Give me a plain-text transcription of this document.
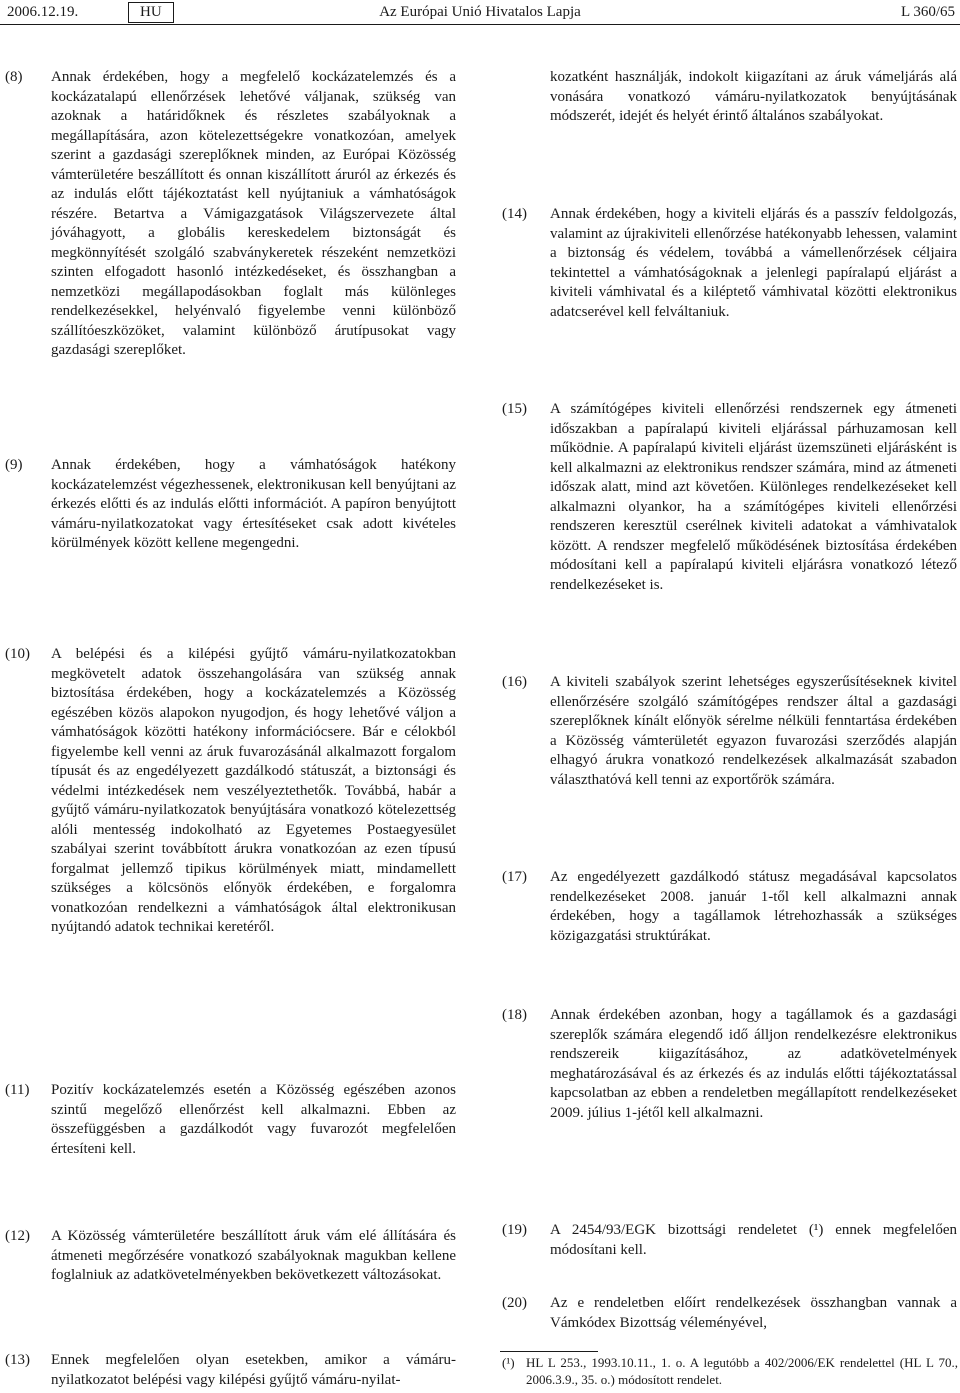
2006.12.19.	HU	Az Európai Unió Hivatalos Lapja	L 360/65
(8) Annak érdekében, hogy a megfelelő kockázatelemzés és a kockázatalapú ellenőrzések lehetővé váljanak, szükség van azoknak a határidőknek és részletes szabályoknak a megállapítására, azon kötelezettségekre vonatkozóan, amelyek szerint a gazdasági szereplőknek minden, az Európai Közösség vámterületére beszállított és onnan kiszállított áruról az érkezés és az indulás előtt tájékoztatást kell nyújtaniuk a vámhatóságok részére. Betartva a Vámigazgatások Világszervezete által jóváhagyott, a globális kereskedelem biztonságát és megkönnyítését szolgáló szabványkeretek részeként nemzetközi szinten elfogadott hasonló intézkedéseket, és összhangban a nemzetközi megállapodásokban foglalt más különleges rendelkezésekkel, helyénvaló figyelembe venni különböző szállítóeszközöket, valamint különböző árutípusokat vagy gazdasági szereplőket.
(9) Annak érdekében, hogy a vámhatóságok hatékony kockázatelemzést végezhessenek, elektronikusan kell benyújtani az érkezés előtti és az indulás előtti információt. A papíron benyújtott vámáru-nyilatkozatokat vagy értesítéseket csak adott kivételes körülmények között kellene megengedni.
(10) A belépési és a kilépési gyűjtő vámáru-nyilatkozatokban megkövetelt adatok összehangolására van szükség annak biztosítása érdekében, hogy a kockázatelemzés a Közösség egészében közös alapokon nyugodjon, és hogy lehetővé váljon a vámhatóságok közötti hatékony információcsere. Bár e célokból figyelembe kell venni az áruk fuvarozásánál alkalmazott forgalom típusát és az engedélyezett gazdálkodó státuszát, a biztonsági és védelmi intézkedések nem veszélyeztethetők. Továbbá, habár a gyűjtő vámáru-nyilatkozatok benyújtására vonatkozó kötelezettség alóli mentesség indokolható az Egyetemes Postaegyesület szabályai szerint továbbított árukra vonatkozóan az ezen típusú forgalmat jellemző tipikus körülmények miatt, mindamellett szükséges a kölcsönös előnyök érdekében, e forgalomra vonatkozóan rendelkezni a vámhatóságok által elektronikusan nyújtandó adatok technikai keretéről.
(11) Pozitív kockázatelemzés esetén a Közösség egészében azonos szintű megelőző ellenőrzést kell alkalmazni. Ebben az összefüggésben a gazdálkodót vagy fuvarozót megfelelően értesíteni kell.
(12) A Közösség vámterületére beszállított áruk vám elé állítására és átmeneti megőrzésére vonatkozó szabályoknak magukban kellene foglalniuk az adatkövetelményekben bekövetkezett változásokat.
(13) Ennek megfelelően olyan esetekben, amikor a vámáru-nyilatkozatot belépési vagy kilépési gyűjtő vámáru-nyilat-
kozatként használják, indokolt kiigazítani az áruk vámeljárás alá vonására vonatkozó vámáru-nyilatkozatok benyújtásának módszerét, idejét és helyét érintő általános szabályokat.
(14) Annak érdekében, hogy a kiviteli eljárás és a passzív feldolgozás, valamint az újrakiviteli ellenőrzése hatékonyabb lehessen, valamint a biztonság és védelem, továbbá a vámellenőrzések céljaira tekintettel a vámhatóságoknak a jelenlegi papíralapú eljárást a kiviteli vámhivatal és a kiléptető vámhivatal közötti elektronikus adatcserével kell felváltaniuk.
(15) A számítógépes kiviteli ellenőrzési rendszernek egy átmeneti időszakban a papíralapú kiviteli eljárással párhuzamosan kell működnie. A papíralapú kiviteli eljárást üzemszüneti eljárásként is kell alkalmazni az elektronikus rendszer számára, mind az átmeneti időszak alatt, mind azt követően. Különleges rendelkezéseket kell alkalmazni olyankor, ha a számítógépes kiviteli ellenőrzési rendszeren keresztül cserélnek kiviteli adatokat a vámhivatalok között. A rendszer megfelelő működésének biztosítása érdekében módosítani kell a papíralapú kiviteli eljárásra vonatkozó létező rendelkezéseket is.
(16) A kiviteli szabályok szerint lehetséges egyszerűsítéseknek kivitel ellenőrzésére szolgáló számítógépes rendszer által a gazdasági szereplőknek kínált előnyök sérelme nélküli fenntartása érdekében a Közösség vámterületét egyazon fuvarozási szerződés alapján elhagyó árukra vonatkozó rendelkezések alkalmazását szabadon választhatóvá kell tenni az exportőrök számára.
(17) Az engedélyezett gazdálkodó státusz megadásával kapcsolatos rendelkezéseket 2008. január 1-től kell alkalmazni annak érdekében, hogy a tagállamok létrehozhassák a szükséges közigazgatási struktúrákat.
(18) Annak érdekében azonban, hogy a tagállamok és a gazdasági szereplők számára elegendő idő álljon rendelkezésre elektronikus rendszereik kiigazításához, az adatkövetelmények meghatározásával és az érkezés és az indulás előtti tájékoztatással kapcsolatban az ebben a rendeletben megállapított rendelkezéseket 2009. július 1-jétől kell alkalmazni.
(19) A 2454/93/EGK bizottsági rendeletet (¹) ennek megfelelően módosítani kell.
(20) Az e rendeletben előírt rendelkezések összhangban vannak a Vámkódex Bizottság véleményével,
(¹) HL L 253., 1993.10.11., 1. o. A legutóbb a 402/2006/EK rendelettel (HL L 70., 2006.3.9., 35. o.) módosított rendelet.
